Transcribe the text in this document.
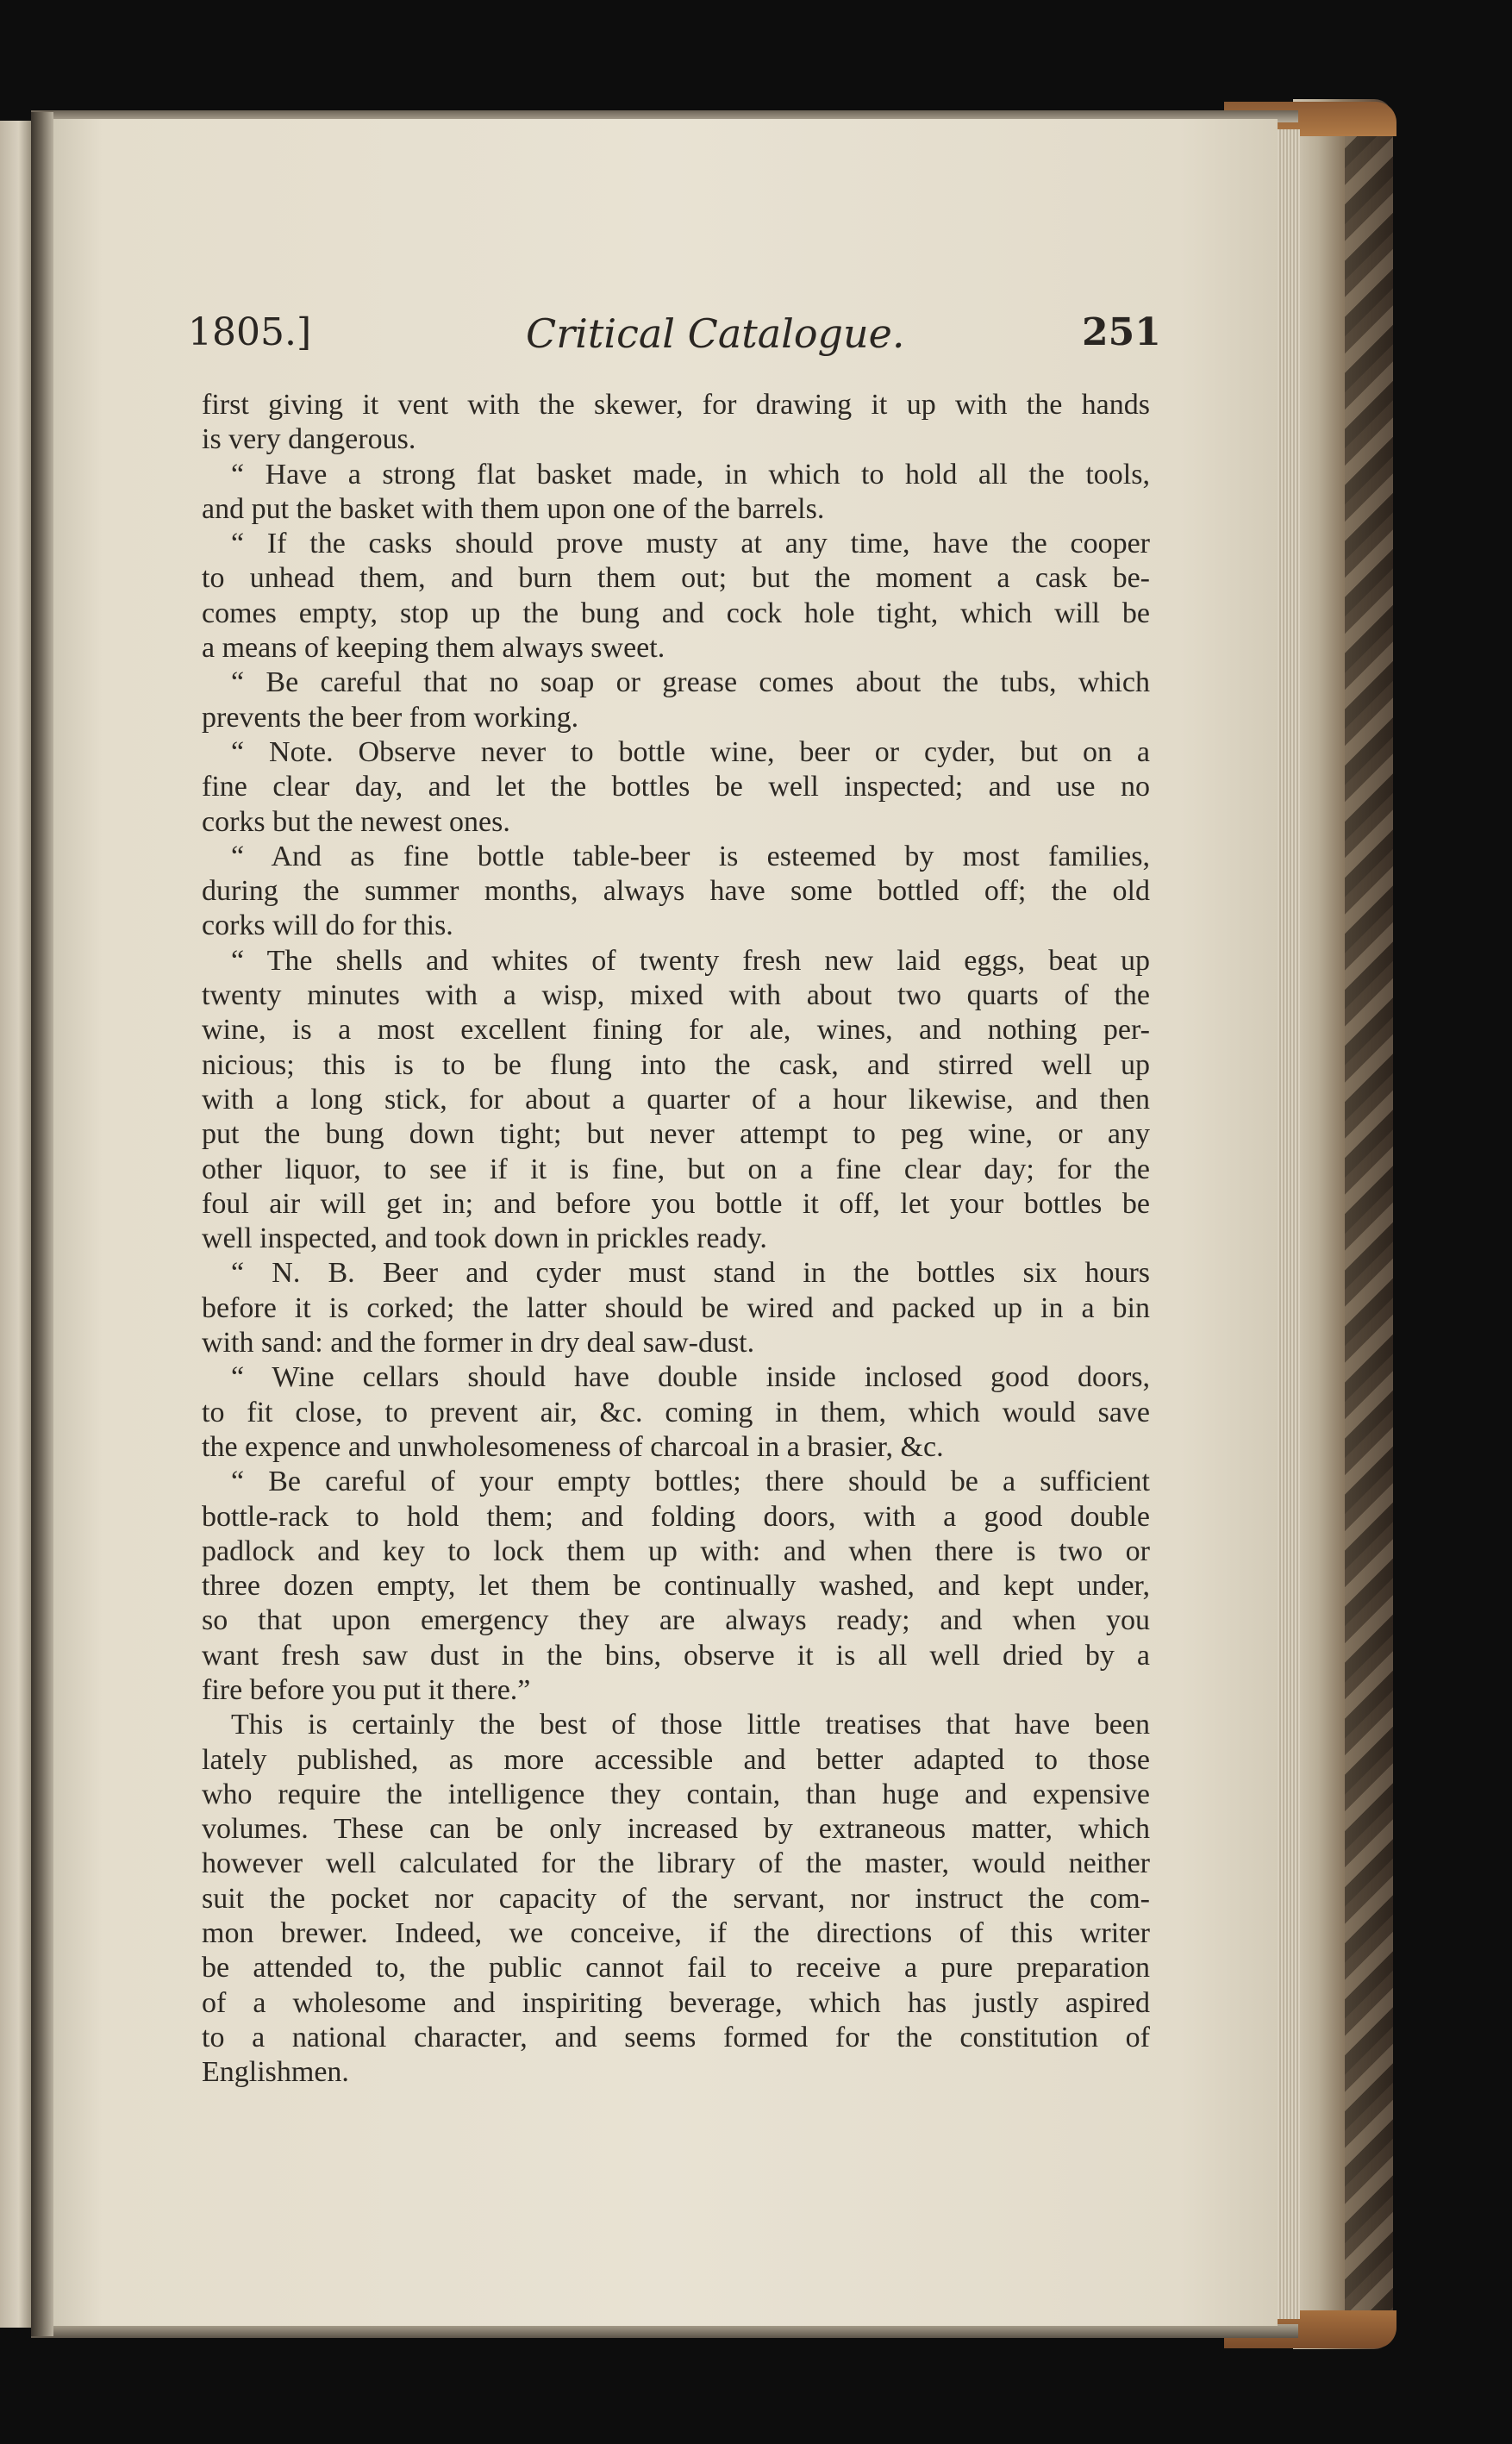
1805.]	Critical Catalogue.	251
first giving it vent with the skewer, for drawing it up with the hands
is very dangerous.
“ Have a strong flat basket made, in which to hold all the tools,
and put the basket with them upon one of the barrels.
“ If the casks should prove musty at any time, have the cooper
to unhead them, and burn them out; but the moment a cask be-
comes empty, stop up the bung and cock hole tight, which will be
a means of keeping them always sweet.
“ Be careful that no soap or grease comes about the tubs, which
prevents the beer from working.
“ Note. Observe never to bottle wine, beer or cyder, but on a
fine clear day, and let the bottles be well inspected; and use no
corks but the newest ones.
“ And as fine bottle table-beer is esteemed by most families,
during the summer months, always have some bottled off; the old
corks will do for this.
“ The shells and whites of twenty fresh new laid eggs, beat up
twenty minutes with a wisp, mixed with about two quarts of the
wine, is a most excellent fining for ale, wines, and nothing per-
nicious; this is to be flung into the cask, and stirred well up
with a long stick, for about a quarter of a hour likewise, and then
put the bung down tight; but never attempt to peg wine, or any
other liquor, to see if it is fine, but on a fine clear day; for the
foul air will get in; and before you bottle it off, let your bottles be
well inspected, and took down in prickles ready.
“ N. B. Beer and cyder must stand in the bottles six hours
before it is corked; the latter should be wired and packed up in a bin
with sand: and the former in dry deal saw-dust.
“ Wine cellars should have double inside inclosed good doors,
to fit close, to prevent air, &c. coming in them, which would save
the expence and unwholesomeness of charcoal in a brasier, &c.
“ Be careful of your empty bottles; there should be a sufficient
bottle-rack to hold them; and folding doors, with a good double
padlock and key to lock them up with: and when there is two or
three dozen empty, let them be continually washed, and kept under,
so that upon emergency they are always ready; and when you
want fresh saw dust in the bins, observe it is all well dried by a
fire before you put it there.”
This is certainly the best of those little treatises that have been
lately published, as more accessible and better adapted to those
who require the intelligence they contain, than huge and expensive
volumes. These can be only increased by extraneous matter, which
however well calculated for the library of the master, would neither
suit the pocket nor capacity of the servant, nor instruct the com-
mon brewer. Indeed, we conceive, if the directions of this writer
be attended to, the public cannot fail to receive a pure preparation
of a wholesome and inspiriting beverage, which has justly aspired
to a national character, and seems formed for the constitution of
Englishmen.
